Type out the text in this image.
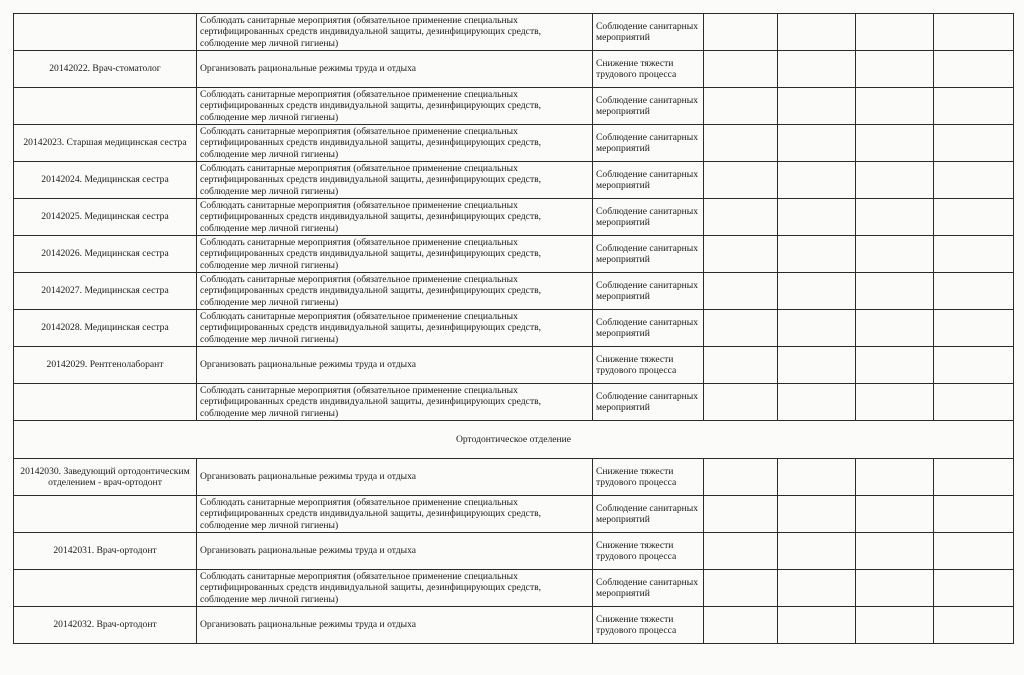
	Соблюдать санитарные мероприятия (обязательное применение специальных сертифицированных средств индивидуальной защиты, дезинфицирующих средств, соблюдение мер личной гигиены)	Соблюдение санитарных мероприятий				
20142022. Врач-стоматолог	Организовать рациональные режимы труда и отдыха	Снижение тяжести трудового процесса				
	Соблюдать санитарные мероприятия (обязательное применение специальных сертифицированных средств индивидуальной защиты, дезинфицирующих средств, соблюдение мер личной гигиены)	Соблюдение санитарных мероприятий				
20142023. Старшая медицинская сестра	Соблюдать санитарные мероприятия (обязательное применение специальных сертифицированных средств индивидуальной защиты, дезинфицирующих средств, соблюдение мер личной гигиены)	Соблюдение санитарных мероприятий				
20142024. Медицинская сестра	Соблюдать санитарные мероприятия (обязательное применение специальных сертифицированных средств индивидуальной защиты, дезинфицирующих средств, соблюдение мер личной гигиены)	Соблюдение санитарных мероприятий				
20142025. Медицинская сестра	Соблюдать санитарные мероприятия (обязательное применение специальных сертифицированных средств индивидуальной защиты, дезинфицирующих средств, соблюдение мер личной гигиены)	Соблюдение санитарных мероприятий				
20142026. Медицинская сестра	Соблюдать санитарные мероприятия (обязательное применение специальных сертифицированных средств индивидуальной защиты, дезинфицирующих средств, соблюдение мер личной гигиены)	Соблюдение санитарных мероприятий				
20142027. Медицинская сестра	Соблюдать санитарные мероприятия (обязательное применение специальных сертифицированных средств индивидуальной защиты, дезинфицирующих средств, соблюдение мер личной гигиены)	Соблюдение санитарных мероприятий				
20142028. Медицинская сестра	Соблюдать санитарные мероприятия (обязательное применение специальных сертифицированных средств индивидуальной защиты, дезинфицирующих средств, соблюдение мер личной гигиены)	Соблюдение санитарных мероприятий				
20142029. Рентгенолаборант	Организовать рациональные режимы труда и отдыха	Снижение тяжести трудового процесса				
	Соблюдать санитарные мероприятия (обязательное применение специальных сертифицированных средств индивидуальной защиты, дезинфицирующих средств, соблюдение мер личной гигиены)	Соблюдение санитарных мероприятий				
Ортодонтическое отделение						
20142030. Заведующий ортодонтическим отделением - врач-ортодонт	Организовать рациональные режимы труда и отдыха	Снижение тяжести трудового процесса				
	Соблюдать санитарные мероприятия (обязательное применение специальных сертифицированных средств индивидуальной защиты, дезинфицирующих средств, соблюдение мер личной гигиены)	Соблюдение санитарных мероприятий				
20142031. Врач-ортодонт	Организовать рациональные режимы труда и отдыха	Снижение тяжести трудового процесса				
	Соблюдать санитарные мероприятия (обязательное применение специальных сертифицированных средств индивидуальной защиты, дезинфицирующих средств, соблюдение мер личной гигиены)	Соблюдение санитарных мероприятий				
20142032. Врач-ортодонт	Организовать рациональные режимы труда и отдыха	Снижение тяжести трудового процесса				
